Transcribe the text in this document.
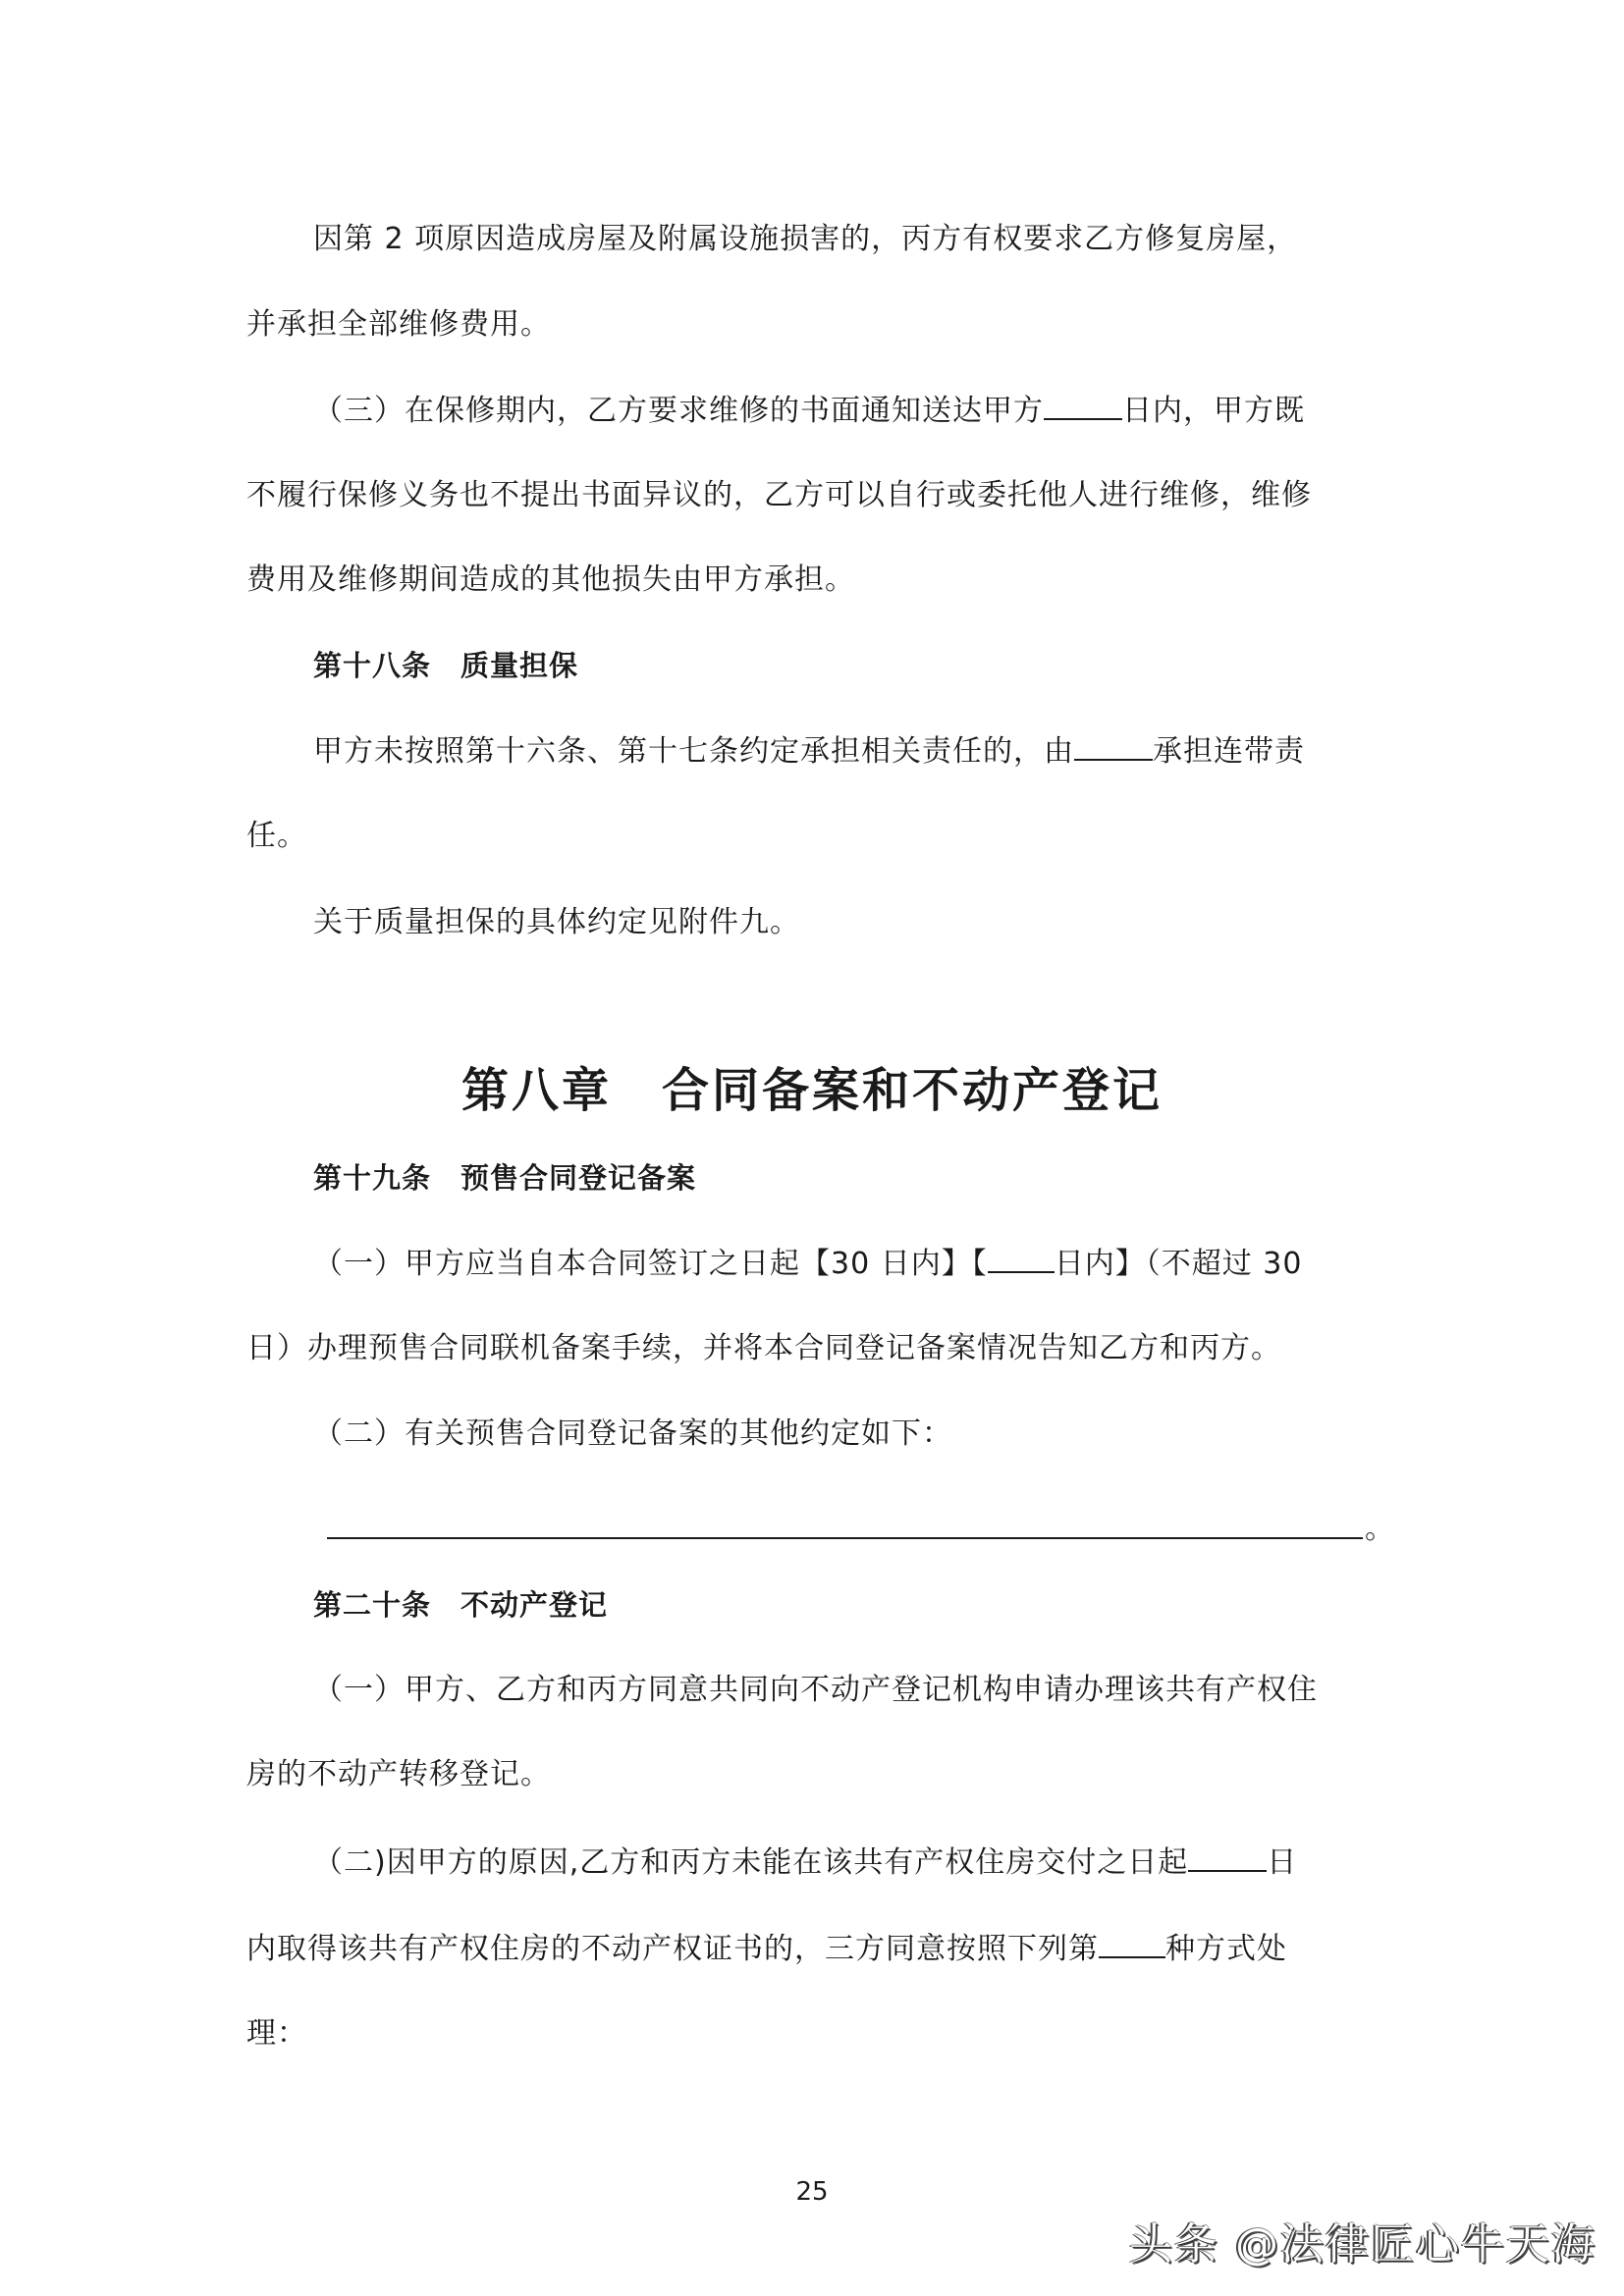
因第 2 项原因造成房屋及附属设施损害的，丙方有权要求乙方修复房屋，
并承担全部维修费用。
（三）在保修期内，乙方要求维修的书面通知送达甲方	日内，甲方既
不履行保修义务也不提出书面异议的，乙方可以自行或委托他人进行维修，维修
费用及维修期间造成的其他损失由甲方承担。
第十八条　质量担保
甲方未按照第十六条、第十七条约定承担相关责任的，由	承担连带责
任。
关于质量担保的具体约定见附件九。
第八章　合同备案和不动产登记
第十九条　预售合同登记备案
（一）甲方应当自本合同签订之日起【30 日内】【 日内】（不超过 30
日）办理预售合同联机备案手续，并将本合同登记备案情况告知乙方和丙方。
（二）有关预售合同登记备案的其他约定如下：
。
第二十条　不动产登记
（一）甲方、乙方和丙方同意共同向不动产登记机构申请办理该共有产权住
房的不动产转移登记。
（二)因甲方的原因,乙方和丙方未能在该共有产权住房交付之日起	日
内取得该共有产权住房的不动产权证书的，三方同意按照下列第 种方式处
理：
25
头条 @法律匠心牛天海
